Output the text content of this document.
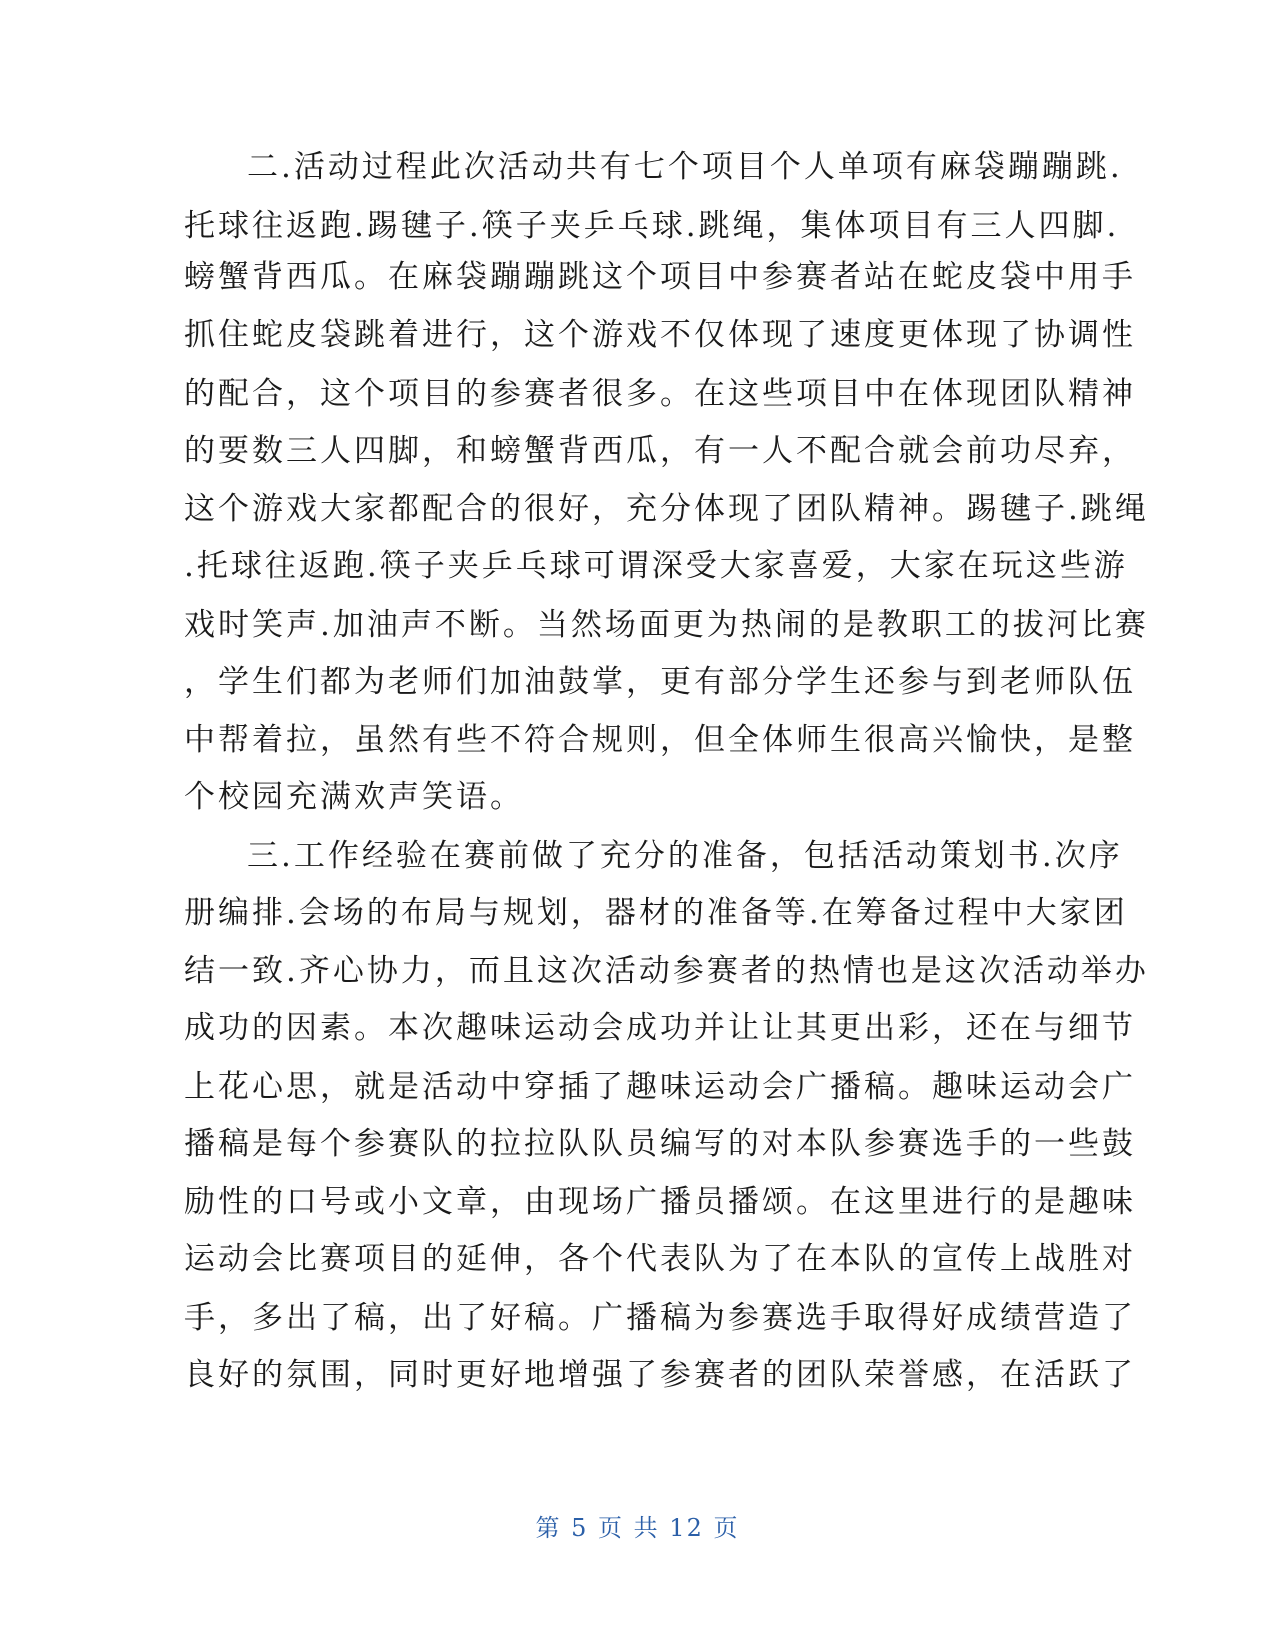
二.活动过程此次活动共有七个项目个人单项有麻袋蹦蹦跳.

托球往返跑.踢毽子.筷子夹乒乓球.跳绳，集体项目有三人四脚.

螃蟹背西瓜。在麻袋蹦蹦跳这个项目中参赛者站在蛇皮袋中用手

抓住蛇皮袋跳着进行，这个游戏不仅体现了速度更体现了协调性

的配合，这个项目的参赛者很多。在这些项目中在体现团队精神

的要数三人四脚，和螃蟹背西瓜，有一人不配合就会前功尽弃，

这个游戏大家都配合的很好，充分体现了团队精神。踢毽子.跳绳

.托球往返跑.筷子夹乒乓球可谓深受大家喜爱，大家在玩这些游

戏时笑声.加油声不断。当然场面更为热闹的是教职工的拔河比赛

，学生们都为老师们加油鼓掌，更有部分学生还参与到老师队伍

中帮着拉，虽然有些不符合规则，但全体师生很高兴愉快，是整

个校园充满欢声笑语。

三.工作经验在赛前做了充分的准备，包括活动策划书.次序

册编排.会场的布局与规划，器材的准备等.在筹备过程中大家团

结一致.齐心协力，而且这次活动参赛者的热情也是这次活动举办

成功的因素。本次趣味运动会成功并让让其更出彩，还在与细节

上花心思，就是活动中穿插了趣味运动会广播稿。趣味运动会广

播稿是每个参赛队的拉拉队队员编写的对本队参赛选手的一些鼓

励性的口号或小文章，由现场广播员播颂。在这里进行的是趣味

运动会比赛项目的延伸，各个代表队为了在本队的宣传上战胜对

手，多出了稿，出了好稿。广播稿为参赛选手取得好成绩营造了

良好的氛围，同时更好地增强了参赛者的团队荣誉感，在活跃了

第 5 页 共 12 页
